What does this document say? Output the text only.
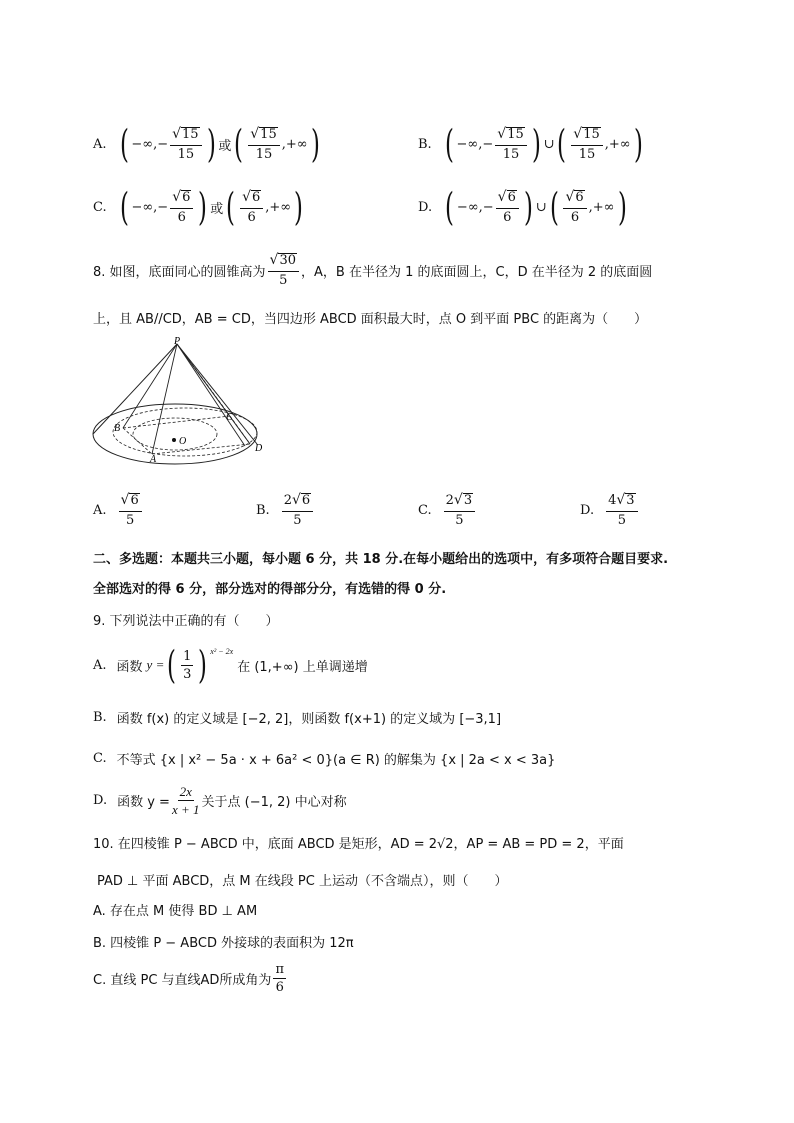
A. ( −∞,− $\frac{√ 15}{15}$ ) 或 ( $\frac{√ 15}{15}$ ,+∞ )	B. ( −∞,− $\frac{√ 15}{15}$ ) ∪ ( $\frac{√ 15}{15}$ ,+∞ )
C. ( −∞,− $\frac{√ 6}{6}$ ) 或 ( $\frac{√ 6}{6}$ ,+∞ )	D. ( −∞,− $\frac{√ 6}{6}$ ) ∪ ( $\frac{√ 6}{6}$ ,+∞ )
8. 如图，底面同心的圆锥高为 $\frac{√ 30}{5}$ ，A，B 在半径为 1 的底面圆上，C，D 在半径为 2 的底面圆
上，且 AB//CD，AB = CD，当四边形 ABCD 面积最大时，点 O 到平面 PBC 的距离为（　　）
P
B
C
O
A
D
A. $\frac{√ 6}{5}$	B. $\frac{2 √ 6}{5}$	C. $\frac{2 √ 3}{5}$	D. $\frac{4 √ 3}{5}$
二、多选题：本题共三小题，每小题 6 分，共 18 分.在每小题给出的选项中，有多项符合题目要求.
全部选对的得 6 分，部分选对的得部分分，有选错的得 0 分.
9. 下列说法中正确的有（　　）
A. 函数 y = ( $\frac{1}{3}$ ) x² − 2x
在 (1,+∞) 上单调递增
B. 函数 f(x) 的定义域是 [−2, 2]，则函数 f(x+1) 的定义域为 [−3,1]
C. 不等式 {x | x² − 5a · x + 6a² < 0}(a ∈ R) 的解集为 {x | 2a < x < 3a}
D. 函数 $y = \frac{2x}{x + 1}$ 关于点 (−1, 2) 中心对称
10. 在四棱锥 P − ABCD 中，底面 ABCD 是矩形，AD = 2√2，AP = AB = PD = 2，平面
PAD ⊥ 平面 ABCD，点 M 在线段 PC 上运动（不含端点），则（　　）
A. 存在点 M 使得 BD ⊥ AM
B. 四棱锥 P − ABCD 外接球的表面积为 12π
C. 直线 PC 与直线AD所成角为 $\frac{\pi}{6}$
